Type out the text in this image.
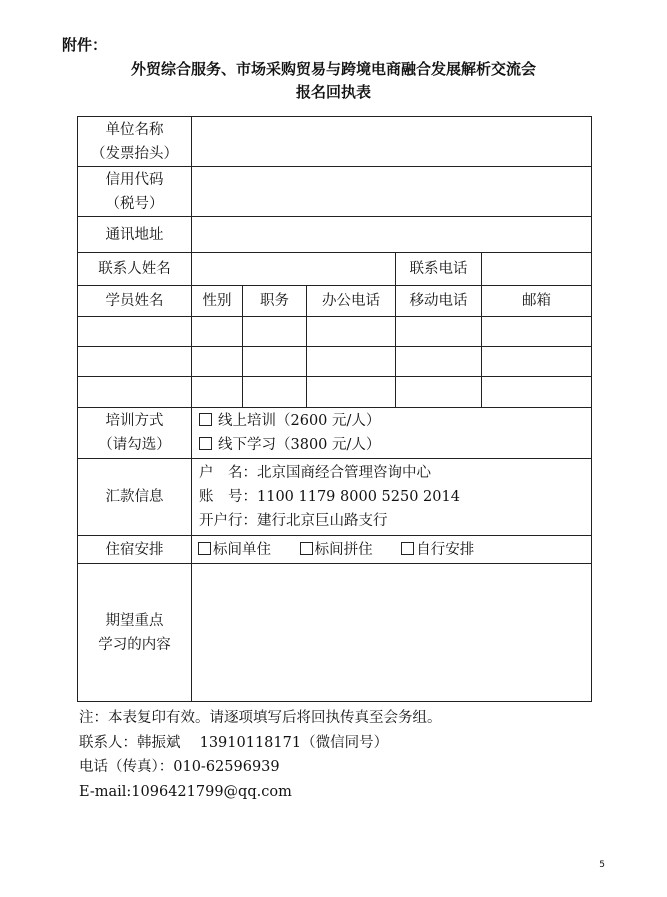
附件：
外贸综合服务、市场采购贸易与跨境电商融合发展解析交流会
报名回执表
单位名称
（发票抬头）					

信用代码
（税号）					

通讯地址					
联系人姓名				联系电话	
学员姓名	性别	职务	办公电话	移动电话	邮箱

培训方式
（请勾选）	线上培训（2600 元/人）
线下学习（3800 元/人）				

汇款信息	户　名：北京国商经合管理咨询中心
账　号：1100 1179 8000 5250 2014
开户行：建行北京巨山路支行				

住宿安排	标间单住 标间拼住 自行安排				

期望重点
学习的内容					

注：本表复印有效。请逐项填写后将回执传真至会务组。
联系人：韩振斌　 13910118171（微信同号）
电话（传真）：010-62596939
E-mail:1096421799@qq.com
5
